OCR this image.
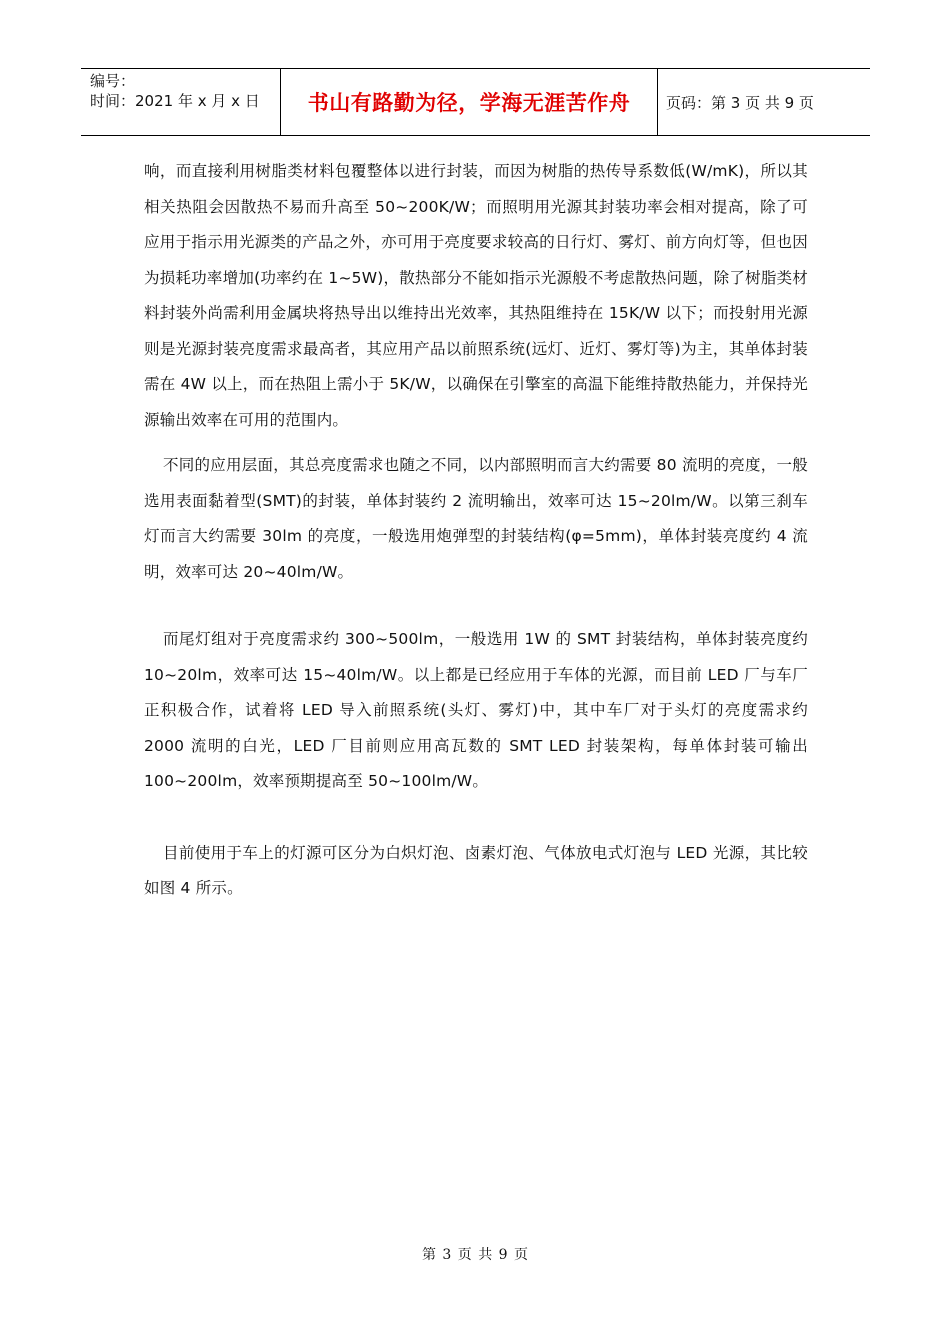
编号：
时间：2021 年 x 月 x 日	书山有路勤为径，学海无涯苦作舟 页码：第 3 页 共 9 页

响，而直接利用树脂类材料包覆整体以进行封装，而因为树脂的热传导系数低(W/mK)，所以其相关热阻会因散热不易而升高至 50~200K/W；而照明用光源其封装功率会相对提高，除了可应用于指示用光源类的产品之外，亦可用于亮度要求较高的日行灯、雾灯、前方向灯等，但也因为损耗功率增加(功率约在 1~5W)，散热部分不能如指示光源般不考虑散热问题，除了树脂类材料封装外尚需利用金属块将热导出以维持出光效率，其热阻维持在 15K/W 以下；而投射用光源则是光源封装亮度需求最高者，其应用产品以前照系统(远灯、近灯、雾灯等)为主，其单体封装需在 4W 以上，而在热阻上需小于 5K/W，以确保在引擎室的高温下能维持散热能力，并保持光源输出效率在可用的范围内。

不同的应用层面，其总亮度需求也随之不同，以内部照明而言大约需要 80 流明的亮度，一般选用表面黏着型(SMT)的封装，单体封装约 2 流明输出，效率可达 15~20lm/W。以第三刹车灯而言大约需要 30lm 的亮度，一般选用炮弹型的封装结构(φ=5mm)，单体封装亮度约 4 流明，效率可达 20~40lm/W。

而尾灯组对于亮度需求约 300~500lm，一般选用 1W 的 SMT 封装结构，单体封装亮度约 10~20lm，效率可达 15~40lm/W。以上都是已经应用于车体的光源，而目前 LED 厂与车厂正积极合作，试着将 LED 导入前照系统(头灯、雾灯)中，其中车厂对于头灯的亮度需求约 2000 流明的白光，LED 厂目前则应用高瓦数的 SMT LED 封装架构，每单体封装可输出 100~200lm，效率预期提高至 50~100lm/W。

目前使用于车上的灯源可区分为白炽灯泡、卤素灯泡、气体放电式灯泡与 LED 光源，其比较如图 4 所示。

第 3 页 共 9 页
